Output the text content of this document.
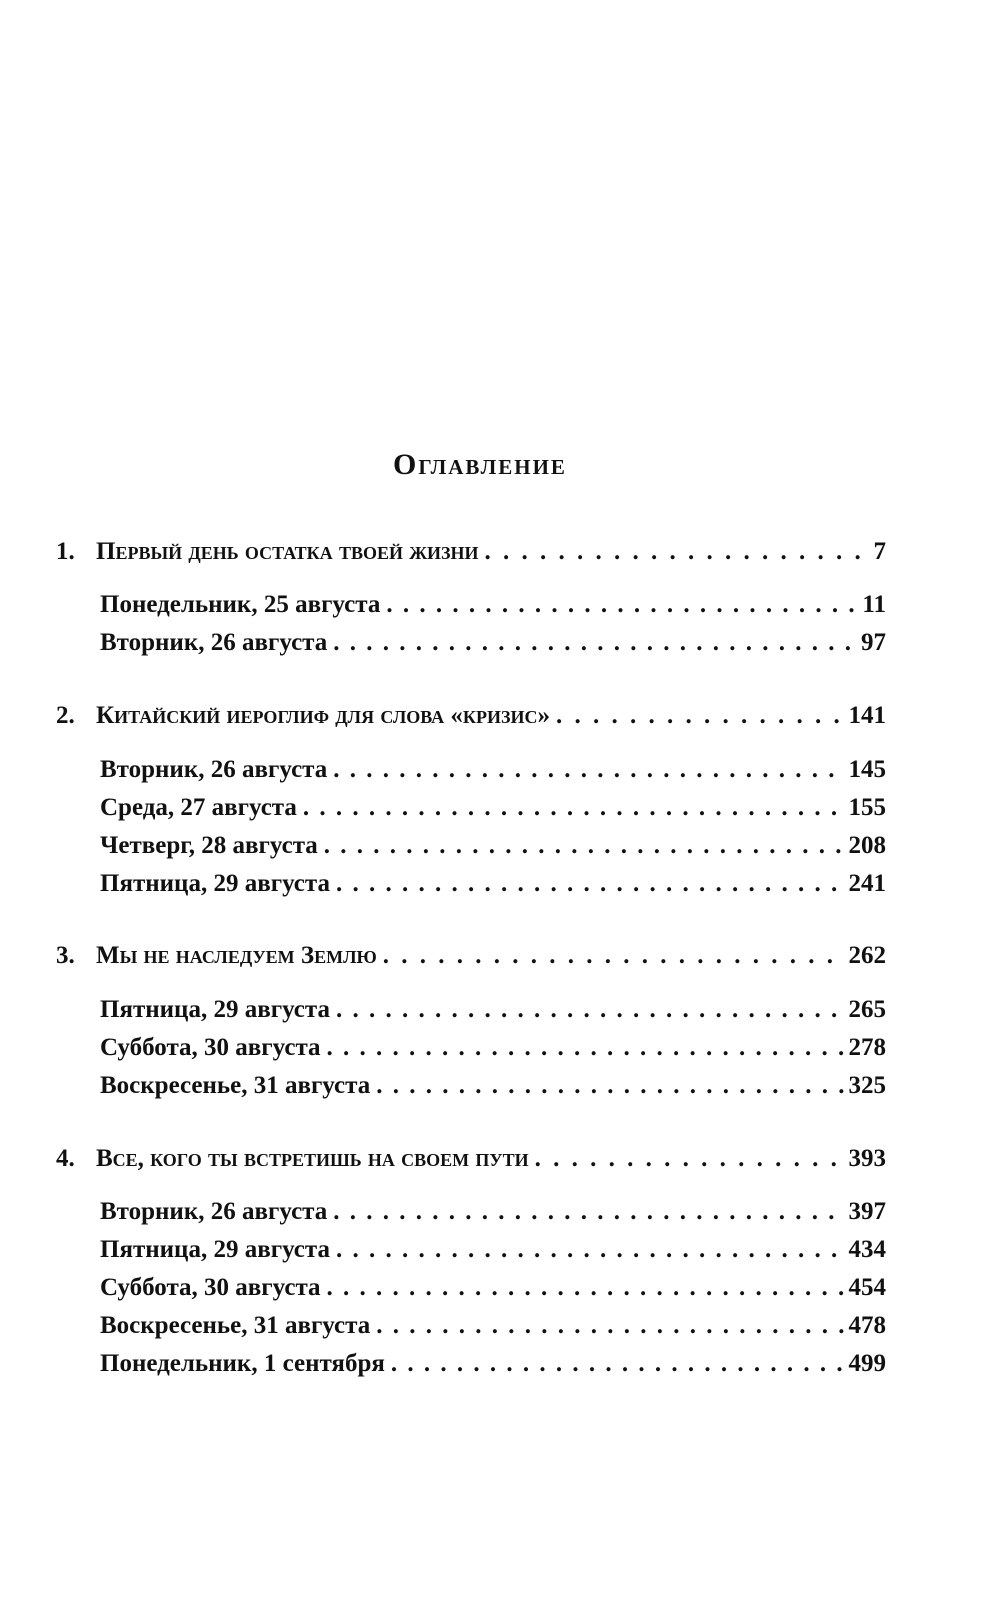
Оглавление
1. Первый день остатка твоей жизни . . .	7
Понедельник, 25 августа . . .	11
Вторник, 26 августа . . .	97
2. Китайский иероглиф для слова «кризис» . . .	141
Вторник, 26 августа . . .	145
Среда, 27 августа . . .	155
Четверг, 28 августа . . .	208
Пятница, 29 августа . . .	241
3. Мы не наследуем Землю . . .	262
Пятница, 29 августа . . .	265
Суббота, 30 августа . . .	278
Воскресенье, 31 августа . . .	325
4. Все, кого ты встретишь на своем пути . . .	393
Вторник, 26 августа . . .	397
Пятница, 29 августа . . .	434
Суббота, 30 августа . . .	454
Воскресенье, 31 августа . . .	478
Понедельник, 1 сентября . . .	499
